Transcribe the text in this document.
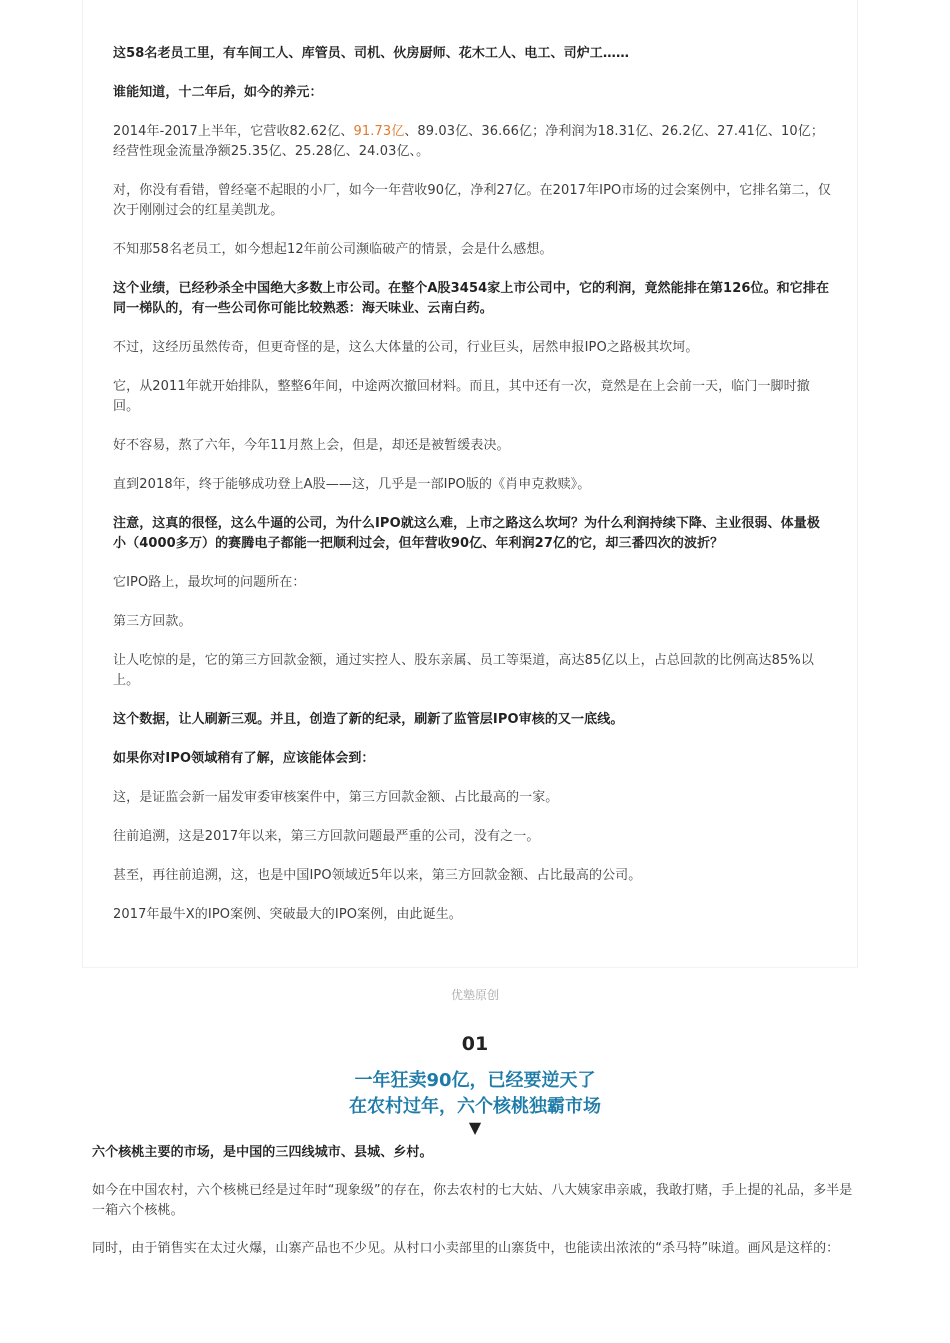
这58名老员工里，有车间工人、库管员、司机、伙房厨师、花木工人、电工、司炉工……

谁能知道，十二年后，如今的养元：

2014年-2017上半年，它营收82.62亿、91.73亿、89.03亿、36.66亿；净利润为18.31亿、26.2亿、27.41亿、10亿；经营性现金流量净额25.35亿、25.28亿、24.03亿、。

对，你没有看错，曾经毫不起眼的小厂，如今一年营收90亿，净利27亿。在2017年IPO市场的过会案例中，它排名第二，仅次于刚刚过会的红星美凯龙。

不知那58名老员工，如今想起12年前公司濒临破产的情景，会是什么感想。

这个业绩，已经秒杀全中国绝大多数上市公司。在整个A股3454家上市公司中，它的利润，竟然能排在第126位。和它排在同一梯队的，有一些公司你可能比较熟悉：海天味业、云南白药。

不过，这经历虽然传奇，但更奇怪的是，这么大体量的公司，行业巨头，居然申报IPO之路极其坎坷。

它，从2011年就开始排队，整整6年间，中途两次撤回材料。而且，其中还有一次，竟然是在上会前一天，临门一脚时撤回。

好不容易，熬了六年，今年11月熬上会，但是，却还是被暂缓表决。

直到2018年，终于能够成功登上A股——这，几乎是一部IPO版的《肖申克救赎》。

注意，这真的很怪，这么牛逼的公司，为什么IPO就这么难，上市之路这么坎坷？为什么利润持续下降、主业很弱、体量极小（4000多万）的赛腾电子都能一把顺利过会，但年营收90亿、年利润27亿的它，却三番四次的波折？

它IPO路上，最坎坷的问题所在：

第三方回款。

让人吃惊的是，它的第三方回款金额，通过实控人、股东亲属、员工等渠道，高达85亿以上，占总回款的比例高达85%以上。

这个数据，让人刷新三观。并且，创造了新的纪录，刷新了监管层IPO审核的又一底线。

如果你对IPO领域稍有了解，应该能体会到：

这，是证监会新一届发审委审核案件中，第三方回款金额、占比最高的一家。

往前追溯，这是2017年以来，第三方回款问题最严重的公司，没有之一。

甚至，再往前追溯，这，也是中国IPO领域近5年以来，第三方回款金额、占比最高的公司。

2017年最牛X的IPO案例、突破最大的IPO案例，由此诞生。

优塾原创
01
一年狂卖90亿，已经要逆天了
在农村过年，六个核桃独霸市场
▼

六个核桃主要的市场，是中国的三四线城市、县城、乡村。

如今在中国农村，六个核桃已经是过年时“现象级”的存在，你去农村的七大姑、八大姨家串亲戚，我敢打赌，手上提的礼品，多半是一箱六个核桃。

同时，由于销售实在太过火爆，山寨产品也不少见。从村口小卖部里的山寨货中，也能读出浓浓的“杀马特”味道。画风是这样的：
